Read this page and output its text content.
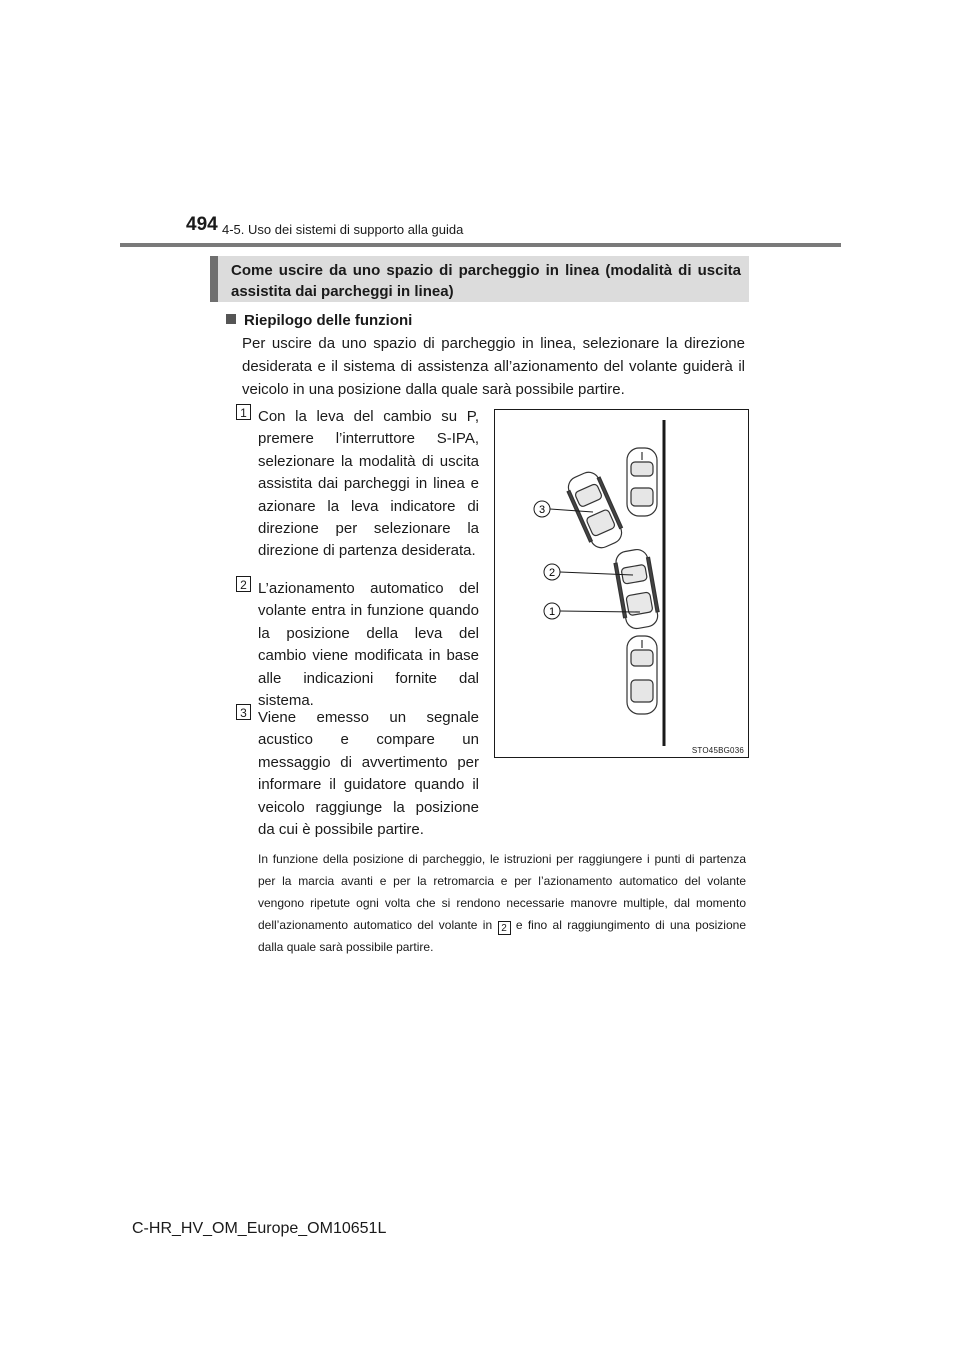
494 4-5. Uso dei sistemi di supporto alla guida
Come uscire da uno spazio di parcheggio in linea (modalità di uscita assistita dai parcheggi in linea)
Riepilogo delle funzioni
Per uscire da uno spazio di parcheggio in linea, selezionare la direzione desiderata e il sistema di assistenza all’azionamento del volante guiderà il veicolo in una posizione dalla quale sarà possibile partire.
1 Con la leva del cambio su P, premere l’interruttore S-IPA, selezionare la modalità di uscita assistita dai parcheggi in linea e azionare la leva indicatore di direzione per selezionare la direzione di partenza desiderata.
2 L’azionamento automatico del volante entra in funzione quando la posizione della leva del cambio viene modificata in base alle indicazioni fornite dal sistema.
3 Viene emesso un segnale acustico e compare un messaggio di avvertimento per informare il guidatore quando il veicolo raggiunge la posizione da cui è possibile partire.
3
2
1
STO45BG036
In funzione della posizione di parcheggio, le istruzioni per raggiungere i punti di partenza per la marcia avanti e per la retromarcia e per l’azionamento automatico del volante vengono ripetute ogni volta che si rendono necessarie manovre multiple, dal momento dell’azionamento automatico del volante in 2 e fino al raggiungimento di una posizione dalla quale sarà possibile partire.
C-HR_HV_OM_Europe_OM10651L
